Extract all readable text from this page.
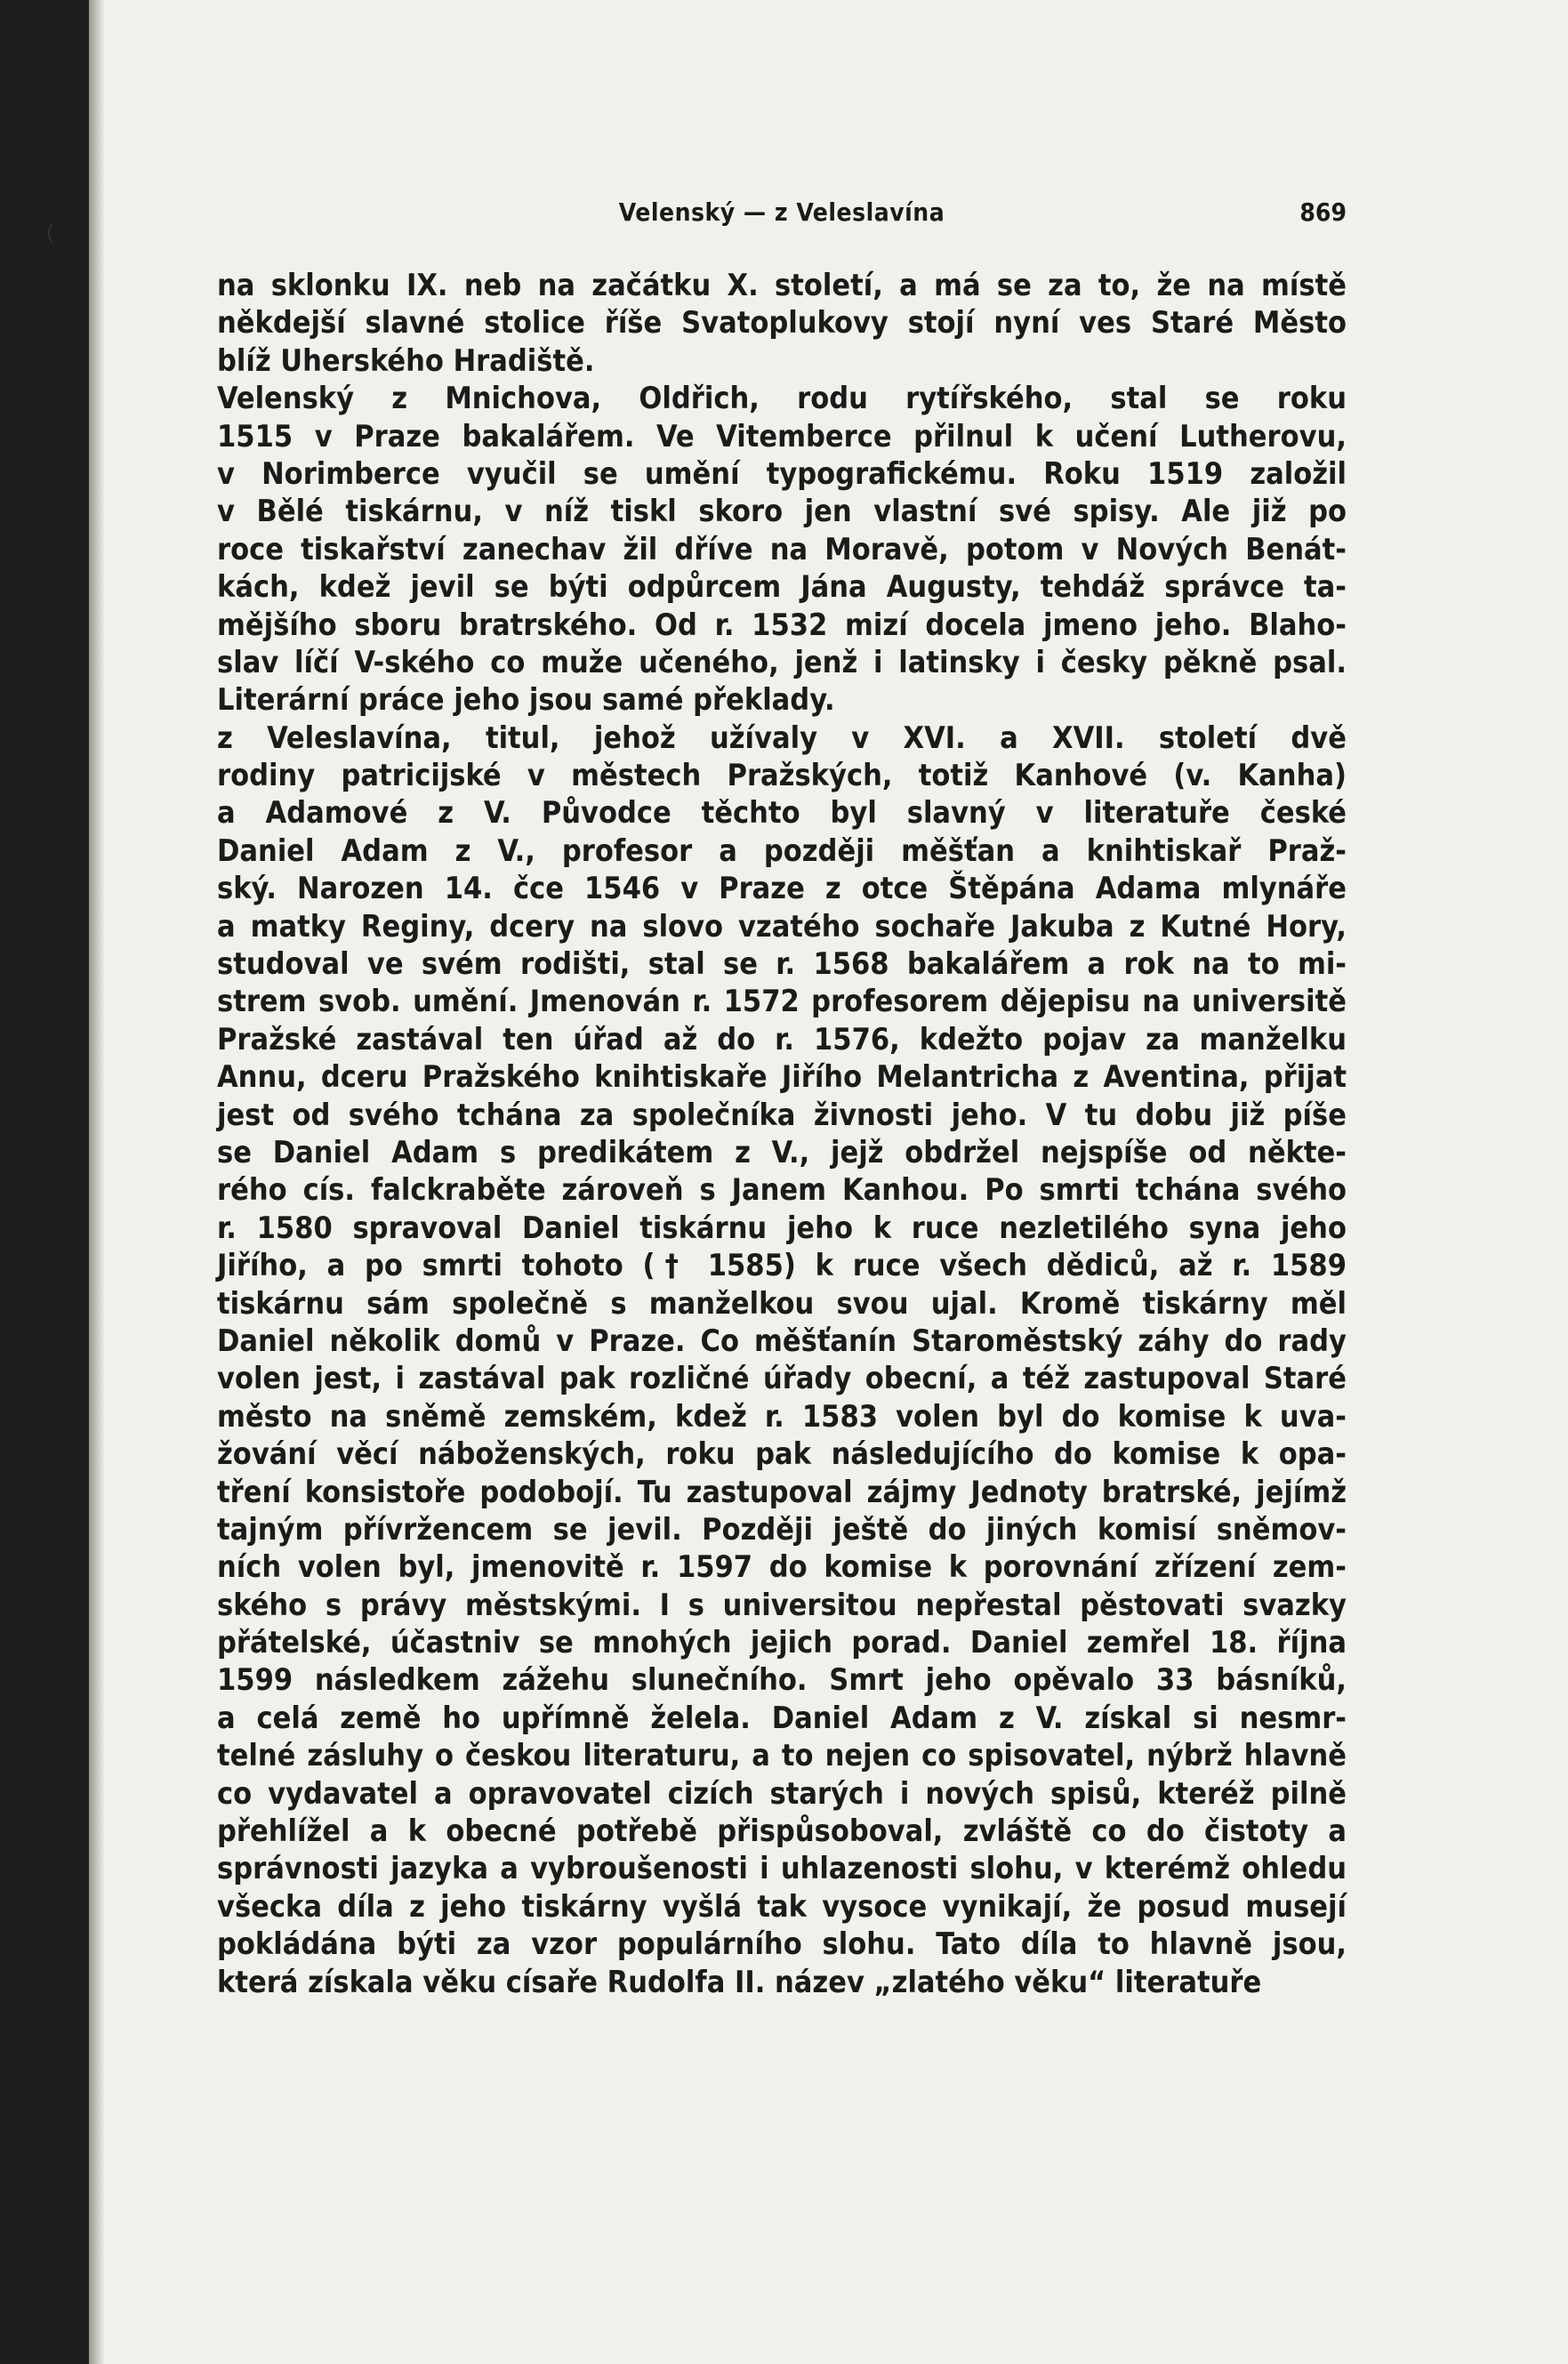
(
Velenský — z Veleslavína	869
na sklonku IX. neb na začátku X. století, a má se za to, že na místě
někdejší slavné stolice říše Svatoplukovy stojí nyní ves Staré Město
blíž Uherského Hradiště.
Velenský z Mnichova, Oldřich, rodu rytířského, stal se roku
1515 v Praze bakalářem. Ve Vitemberce přilnul k učení Lutherovu,
v Norimberce vyučil se umění typografickému. Roku 1519 založil
v Bělé tiskárnu, v níž tiskl skoro jen vlastní své spisy. Ale již po
roce tiskařství zanechav žil dříve na Moravě, potom v Nových Benát-
kách, kdež jevil se býti odpůrcem Jána Augusty, tehdáž správce ta-
mějšího sboru bratrského. Od r. 1532 mizí docela jmeno jeho. Blaho-
slav líčí V-ského co muže učeného, jenž i latinsky i česky pěkně psal.
Literární práce jeho jsou samé překlady.
z Veleslavína, titul, jehož užívaly v XVI. a XVII. století dvě
rodiny patricijské v městech Pražských, totiž Kanhové (v. Kanha)
a Adamové z V. Původce těchto byl slavný v literatuře české
Daniel Adam z V., profesor a později měšťan a knihtiskař Praž-
ský. Narozen 14. čce 1546 v Praze z otce Štěpána Adama mlynáře
a matky Reginy, dcery na slovo vzatého sochaře Jakuba z Kutné Hory,
studoval ve svém rodišti, stal se r. 1568 bakalářem a rok na to mi-
strem svob. umění. Jmenován r. 1572 profesorem dějepisu na universitě
Pražské zastával ten úřad až do r. 1576, kdežto pojav za manželku
Annu, dceru Pražského knihtiskaře Jiřího Melantricha z Aventina, přijat
jest od svého tchána za společníka živnosti jeho. V tu dobu již píše
se Daniel Adam s predikátem z V., jejž obdržel nejspíše od někte-
rého cís. falckraběte zároveň s Janem Kanhou. Po smrti tchána svého
r. 1580 spravoval Daniel tiskárnu jeho k ruce nezletilého syna jeho
Jiřího, a po smrti tohoto († 1585) k ruce všech dědiců, až r. 1589
tiskárnu sám společně s manželkou svou ujal. Kromě tiskárny měl
Daniel několik domů v Praze. Co měšťanín Staroměstský záhy do rady
volen jest, i zastával pak rozličné úřady obecní, a též zastupoval Staré
město na sněmě zemském, kdež r. 1583 volen byl do komise k uva-
žování věcí náboženských, roku pak následujícího do komise k opa-
tření konsistoře podobojí. Tu zastupoval zájmy Jednoty bratrské, jejímž
tajným přívržencem se jevil. Později ještě do jiných komisí sněmov-
ních volen byl, jmenovitě r. 1597 do komise k porovnání zřízení zem-
ského s právy městskými. I s universitou nepřestal pěstovati svazky
přátelské, účastniv se mnohých jejich porad. Daniel zemřel 18. října
1599 následkem zážehu slunečního. Smrt jeho opěvalo 33 básníků,
a celá země ho upřímně želela. Daniel Adam z V. získal si nesmr-
telné zásluhy o českou literaturu, a to nejen co spisovatel, nýbrž hlavně
co vydavatel a opravovatel cizích starých i nových spisů, kteréž pilně
přehlížel a k obecné potřebě přispůsoboval, zvláště co do čistoty a
správnosti jazyka a vybroušenosti i uhlazenosti slohu, v kterémž ohledu
všecka díla z jeho tiskárny vyšlá tak vysoce vynikají, že posud musejí
pokládána býti za vzor populárního slohu. Tato díla to hlavně jsou,
která získala věku císaře Rudolfa II. název „zlatého věku“ literatuře
